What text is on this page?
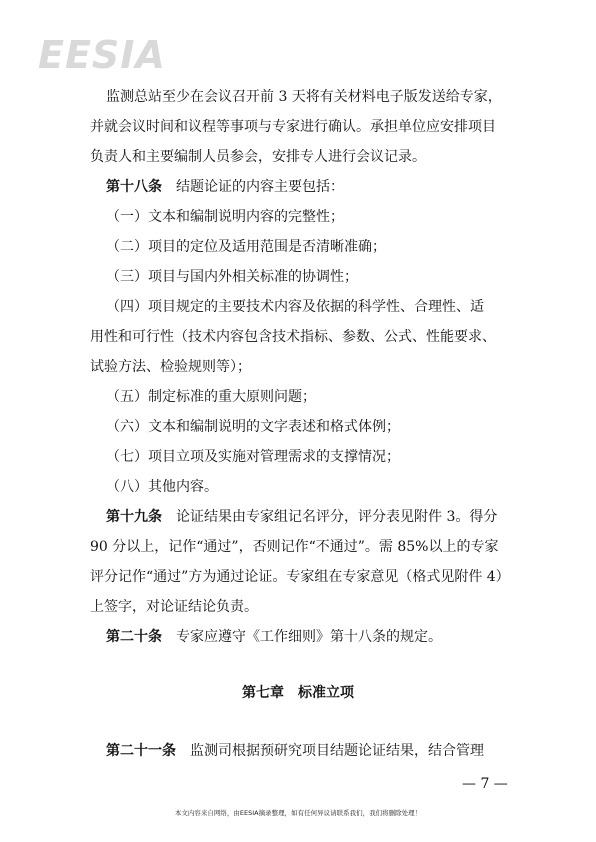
EESIA
监测总站至少在会议召开前 3 天将有关材料电子版发送给专家，
并就会议时间和议程等事项与专家进行确认。承担单位应安排项目
负责人和主要编制人员参会，安排专人进行会议记录。
第十八条 结题论证的内容主要包括：
（一）文本和编制说明内容的完整性；
（二）项目的定位及适用范围是否清晰准确；
（三）项目与国内外相关标准的协调性；
（四）项目规定的主要技术内容及依据的科学性、合理性、适
用性和可行性（技术内容包含技术指标、参数、公式、性能要求、
试验方法、检验规则等）；
（五）制定标准的重大原则问题；
（六）文本和编制说明的文字表述和格式体例；
（七）项目立项及实施对管理需求的支撑情况；
（八）其他内容。
第十九条 论证结果由专家组记名评分，评分表见附件 3。得分
90 分以上，记作“通过”，否则记作“不通过”。需 85%以上的专家
评分记作“通过”方为通过论证。专家组在专家意见（格式见附件 4）
上签字，对论证结论负责。
第二十条 专家应遵守《工作细则》第十八条的规定。
第七章　标准立项
第二十一条 监测司根据预研究项目结题论证结果，结合管理
— 7 —
本文内容来自网络，由EESIA摘录整理，如有任何异议请联系我们，我们将删除处理！
